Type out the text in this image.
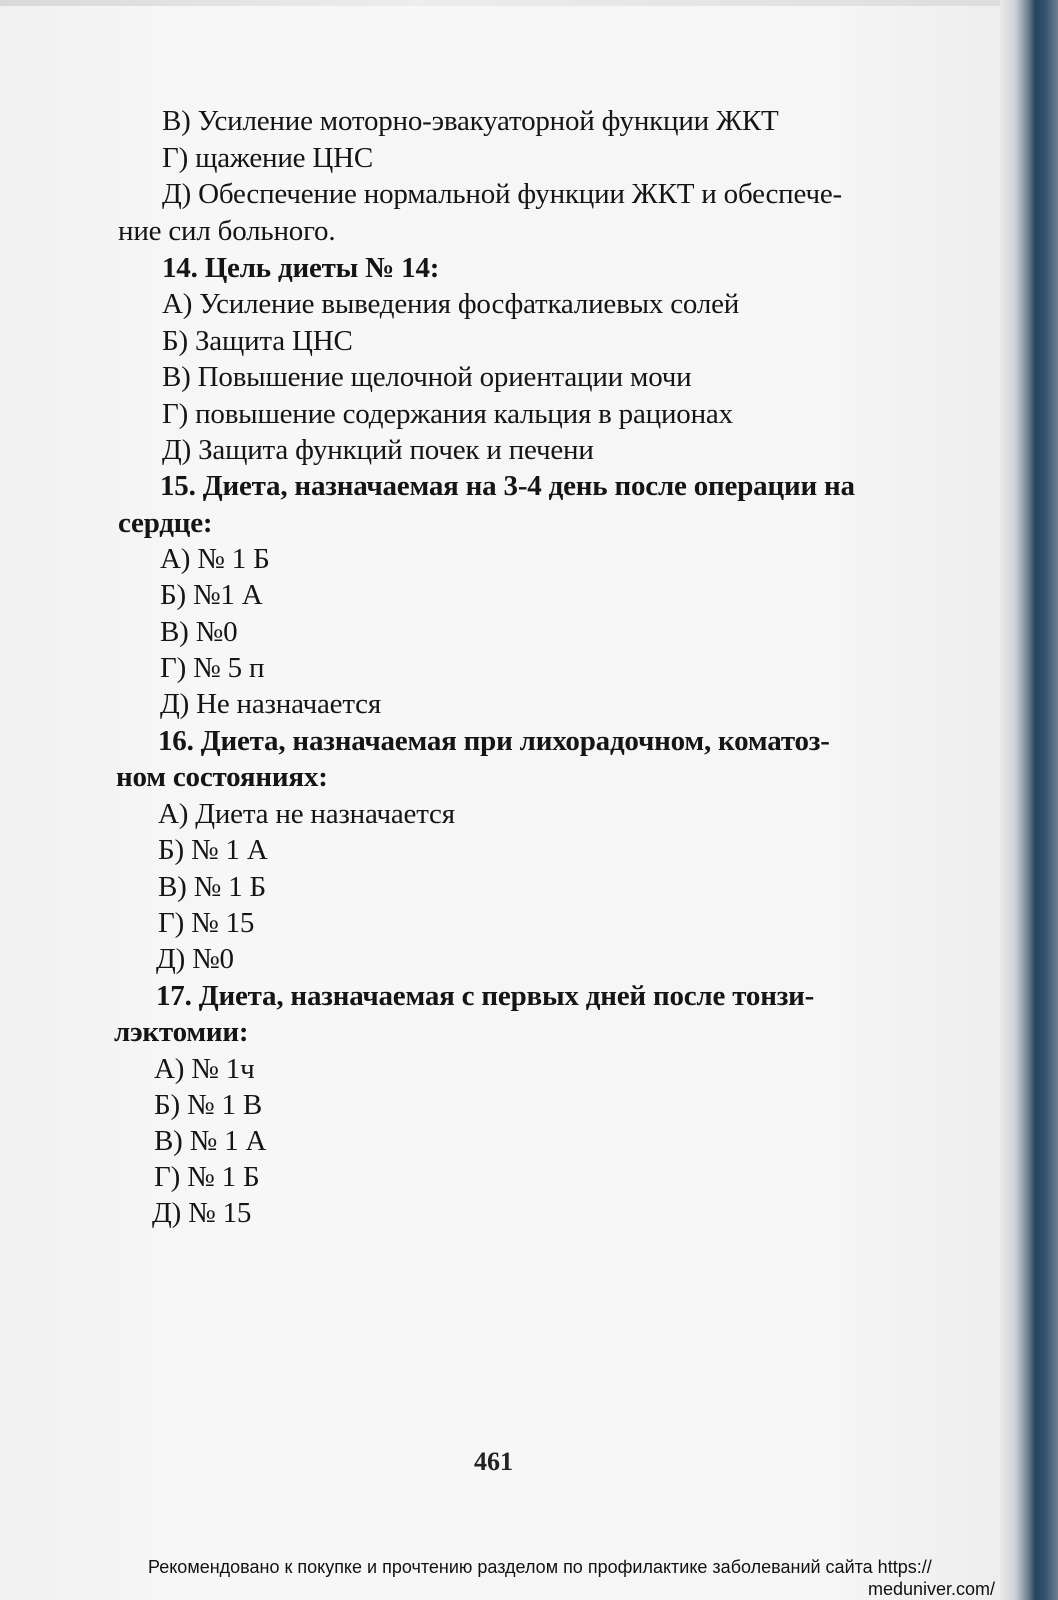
В) Усиление моторно-эвакуаторной функции ЖКТ
Г) щажение ЦНС
Д) Обеспечение нормальной функции ЖКТ и обеспече-
ние сил больного.
14. Цель диеты № 14:
А) Усиление выведения фосфаткалиевых солей
Б) Защита ЦНС
В) Повышение щелочной ориентации мочи
Г) повышение содержания кальция в рационах
Д) Защита функций почек и печени
15. Диета, назначаемая на 3-4 день после операции на
сердце:
А) № 1 Б
Б) №1 А
В) №0
Г) № 5 п
Д) Не назначается
16. Диета, назначаемая при лихорадочном, коматоз-
ном состояниях:
А) Диета не назначается
Б) № 1 А
В) № 1 Б
Г) № 15
Д) №0
17. Диета, назначаемая с первых дней после тонзи-
лэктомии:
А) № 1ч
Б) № 1 В
В) № 1 А
Г) № 1 Б
Д) № 15
461
Рекомендовано к покупке и прочтению разделом по профилактике заболеваний сайта https://
meduniver.com/
